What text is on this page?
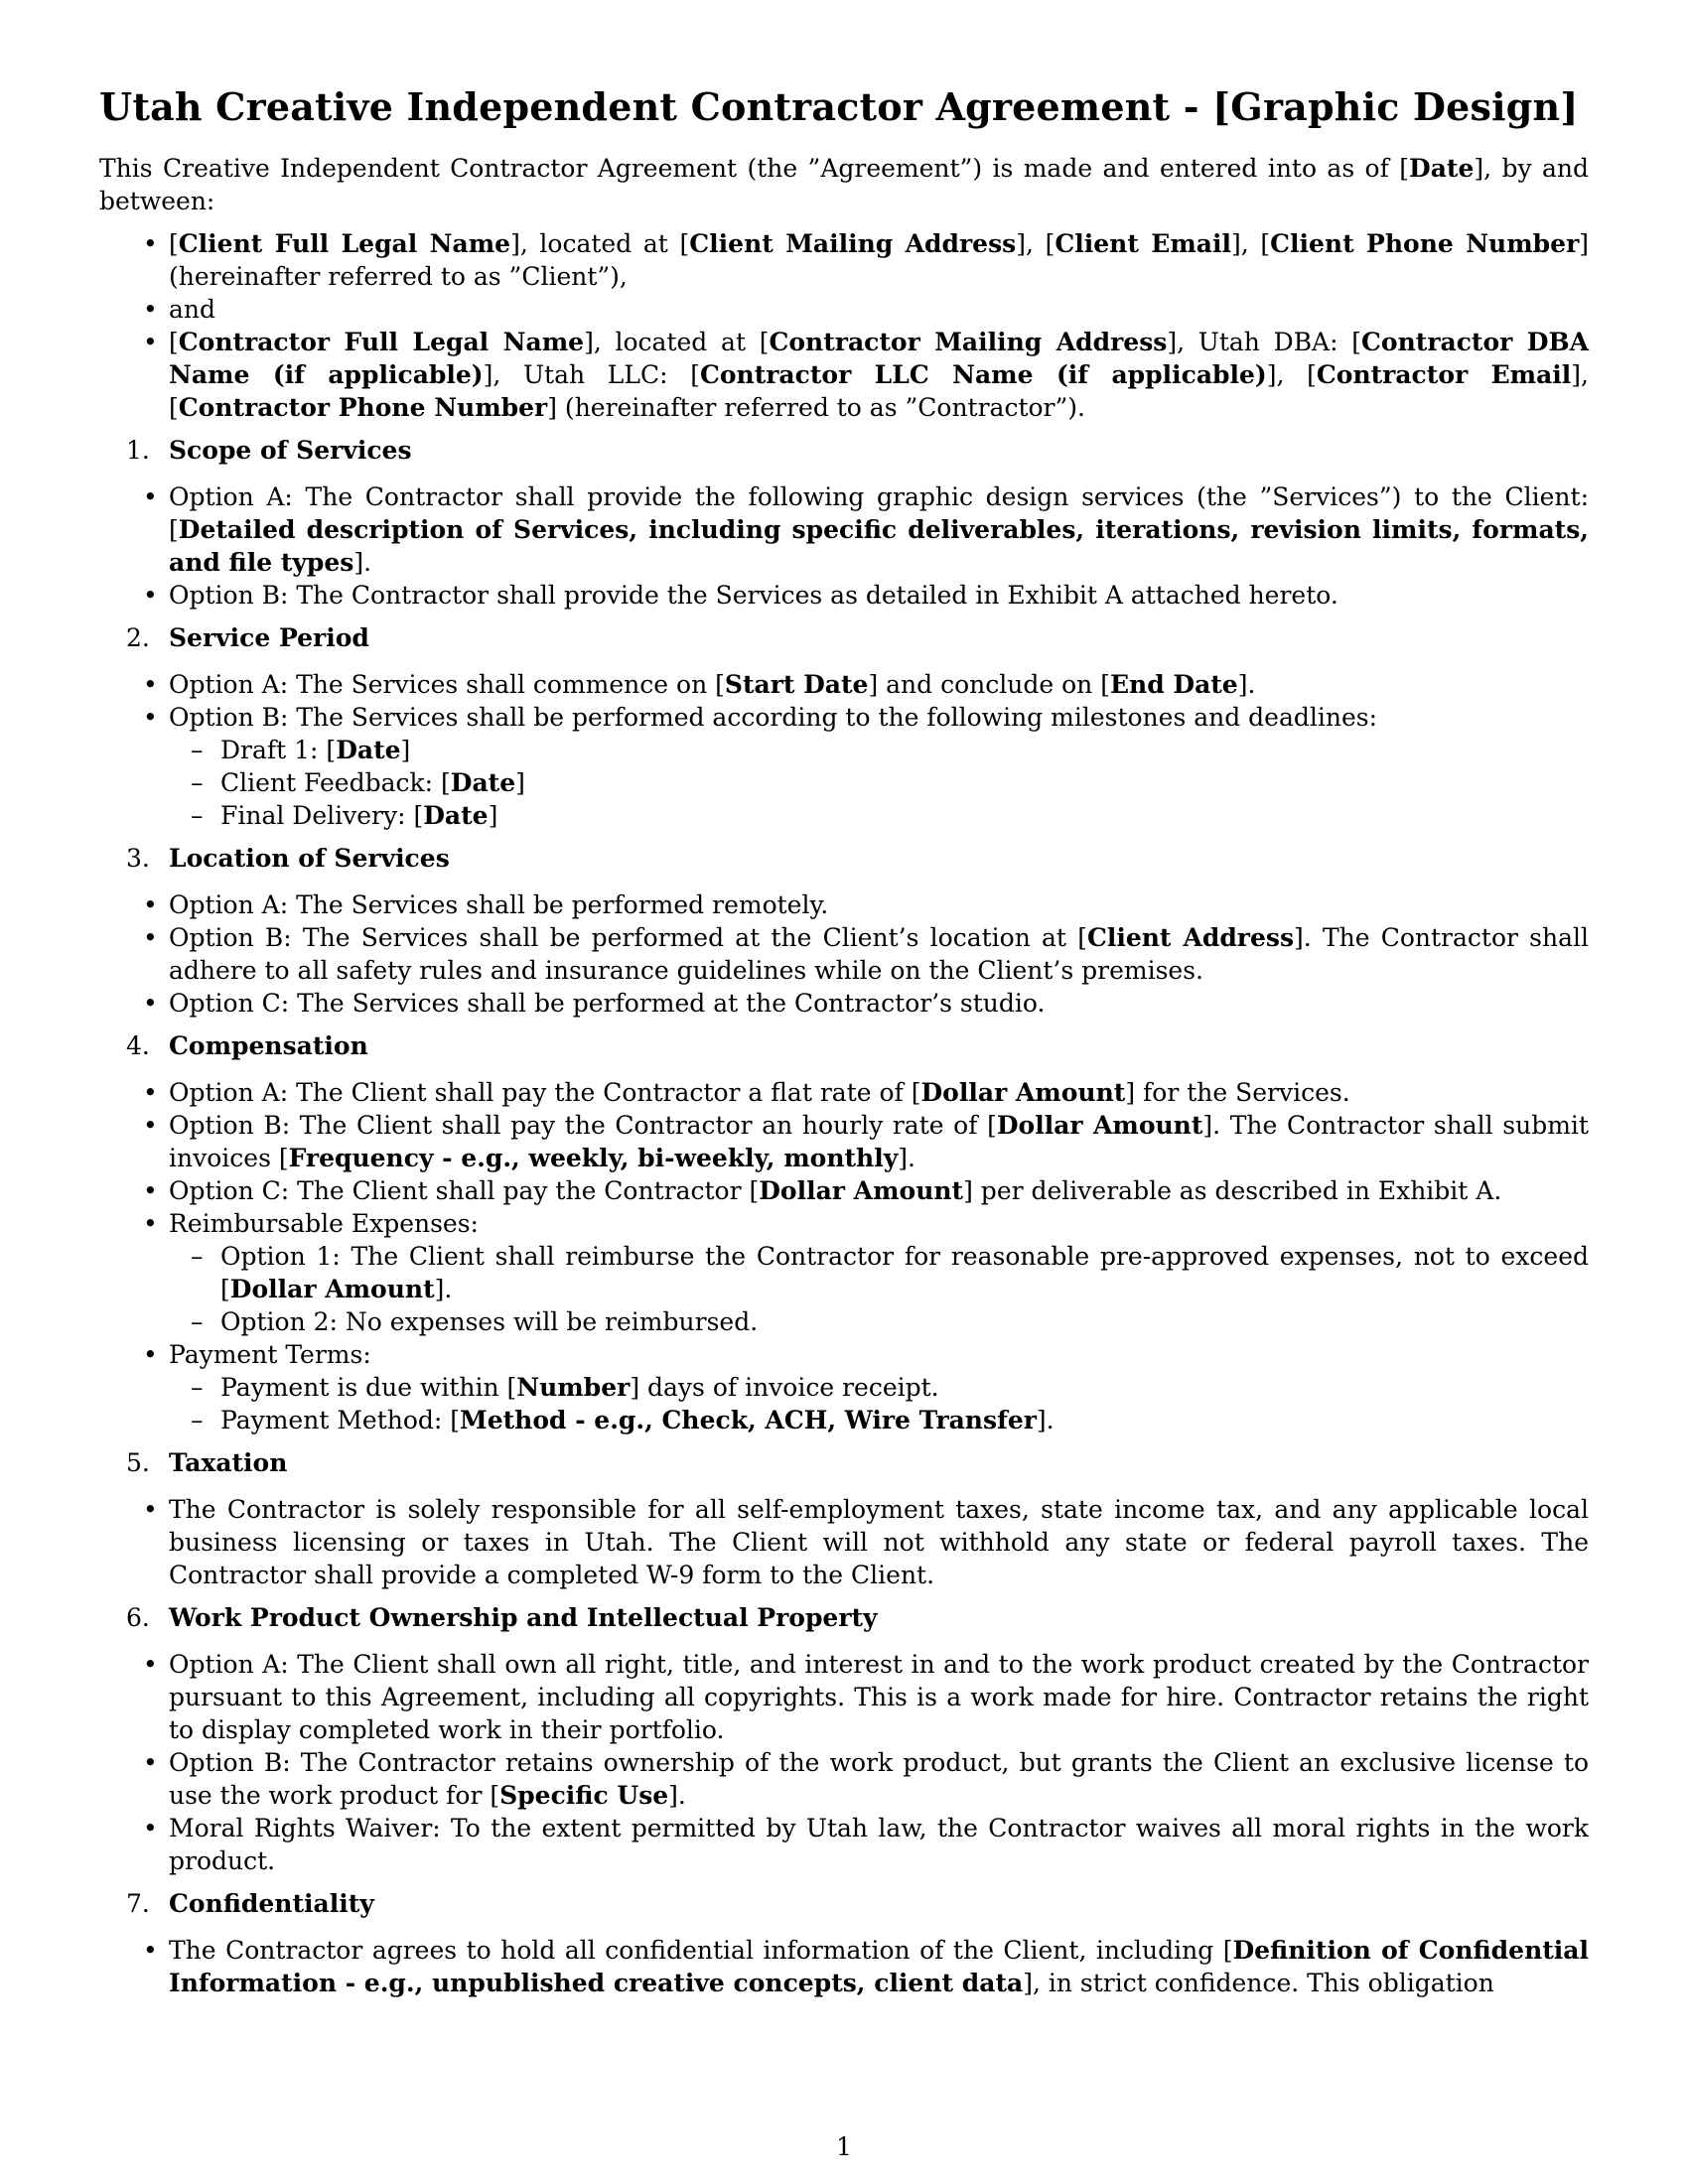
Utah Creative Independent Contractor Agreement - [Graphic Design]

This Creative Independent Contractor Agreement (the ”Agreement”) is made and entered into as of [Date], by and between:

• [Client Full Legal Name], located at [Client Mailing Address], [Client Email], [Client Phone Number] (hereinafter referred to as ”Client”),
• and
• [Contractor Full Legal Name], located at [Contractor Mailing Address], Utah DBA: [Contractor DBA Name (if applicable)], Utah LLC: [Contractor LLC Name (if applicable)], [Contractor Email], [Contractor Phone Number] (hereinafter referred to as ”Contractor”).
1. Scope of Services
• Option A: The Contractor shall provide the following graphic design services (the ”Services”) to the Client: [Detailed description of Services, including specific deliverables, iterations, revision limits, formats, and file types].
• Option B: The Contractor shall provide the Services as detailed in Exhibit A attached hereto.
2. Service Period
• Option A: The Services shall commence on [Start Date] and conclude on [End Date].
• Option B: The Services shall be performed according to the following milestones and deadlines:
– Draft 1: [Date]
– Client Feedback: [Date]
– Final Delivery: [Date]
3. Location of Services
• Option A: The Services shall be performed remotely.
• Option B: The Services shall be performed at the Client’s location at [Client Address]. The Contractor shall adhere to all safety rules and insurance guidelines while on the Client’s premises.
• Option C: The Services shall be performed at the Contractor’s studio.
4. Compensation
• Option A: The Client shall pay the Contractor a flat rate of [Dollar Amount] for the Services.
• Option B: The Client shall pay the Contractor an hourly rate of [Dollar Amount]. The Contractor shall submit invoices [Frequency - e.g., weekly, bi-weekly, monthly].
• Option C: The Client shall pay the Contractor [Dollar Amount] per deliverable as described in Exhibit A.
• Reimbursable Expenses:
– Option 1: The Client shall reimburse the Contractor for reasonable pre-approved expenses, not to exceed [Dollar Amount].
– Option 2: No expenses will be reimbursed.
• Payment Terms:
– Payment is due within [Number] days of invoice receipt.
– Payment Method: [Method - e.g., Check, ACH, Wire Transfer].
5. Taxation
• The Contractor is solely responsible for all self-employment taxes, state income tax, and any applicable local business licensing or taxes in Utah. The Client will not withhold any state or federal payroll taxes. The Contractor shall provide a completed W-9 form to the Client.
6. Work Product Ownership and Intellectual Property
• Option A: The Client shall own all right, title, and interest in and to the work product created by the Contractor pursuant to this Agreement, including all copyrights. This is a work made for hire. Contractor retains the right to display completed work in their portfolio.
• Option B: The Contractor retains ownership of the work product, but grants the Client an exclusive license to use the work product for [Specific Use].
• Moral Rights Waiver: To the extent permitted by Utah law, the Contractor waives all moral rights in the work product.
7. Confidentiality
• The Contractor agrees to hold all confidential information of the Client, including [Definition of Confidential Information - e.g., unpublished creative concepts, client data], in strict confidence. This obligation
1
